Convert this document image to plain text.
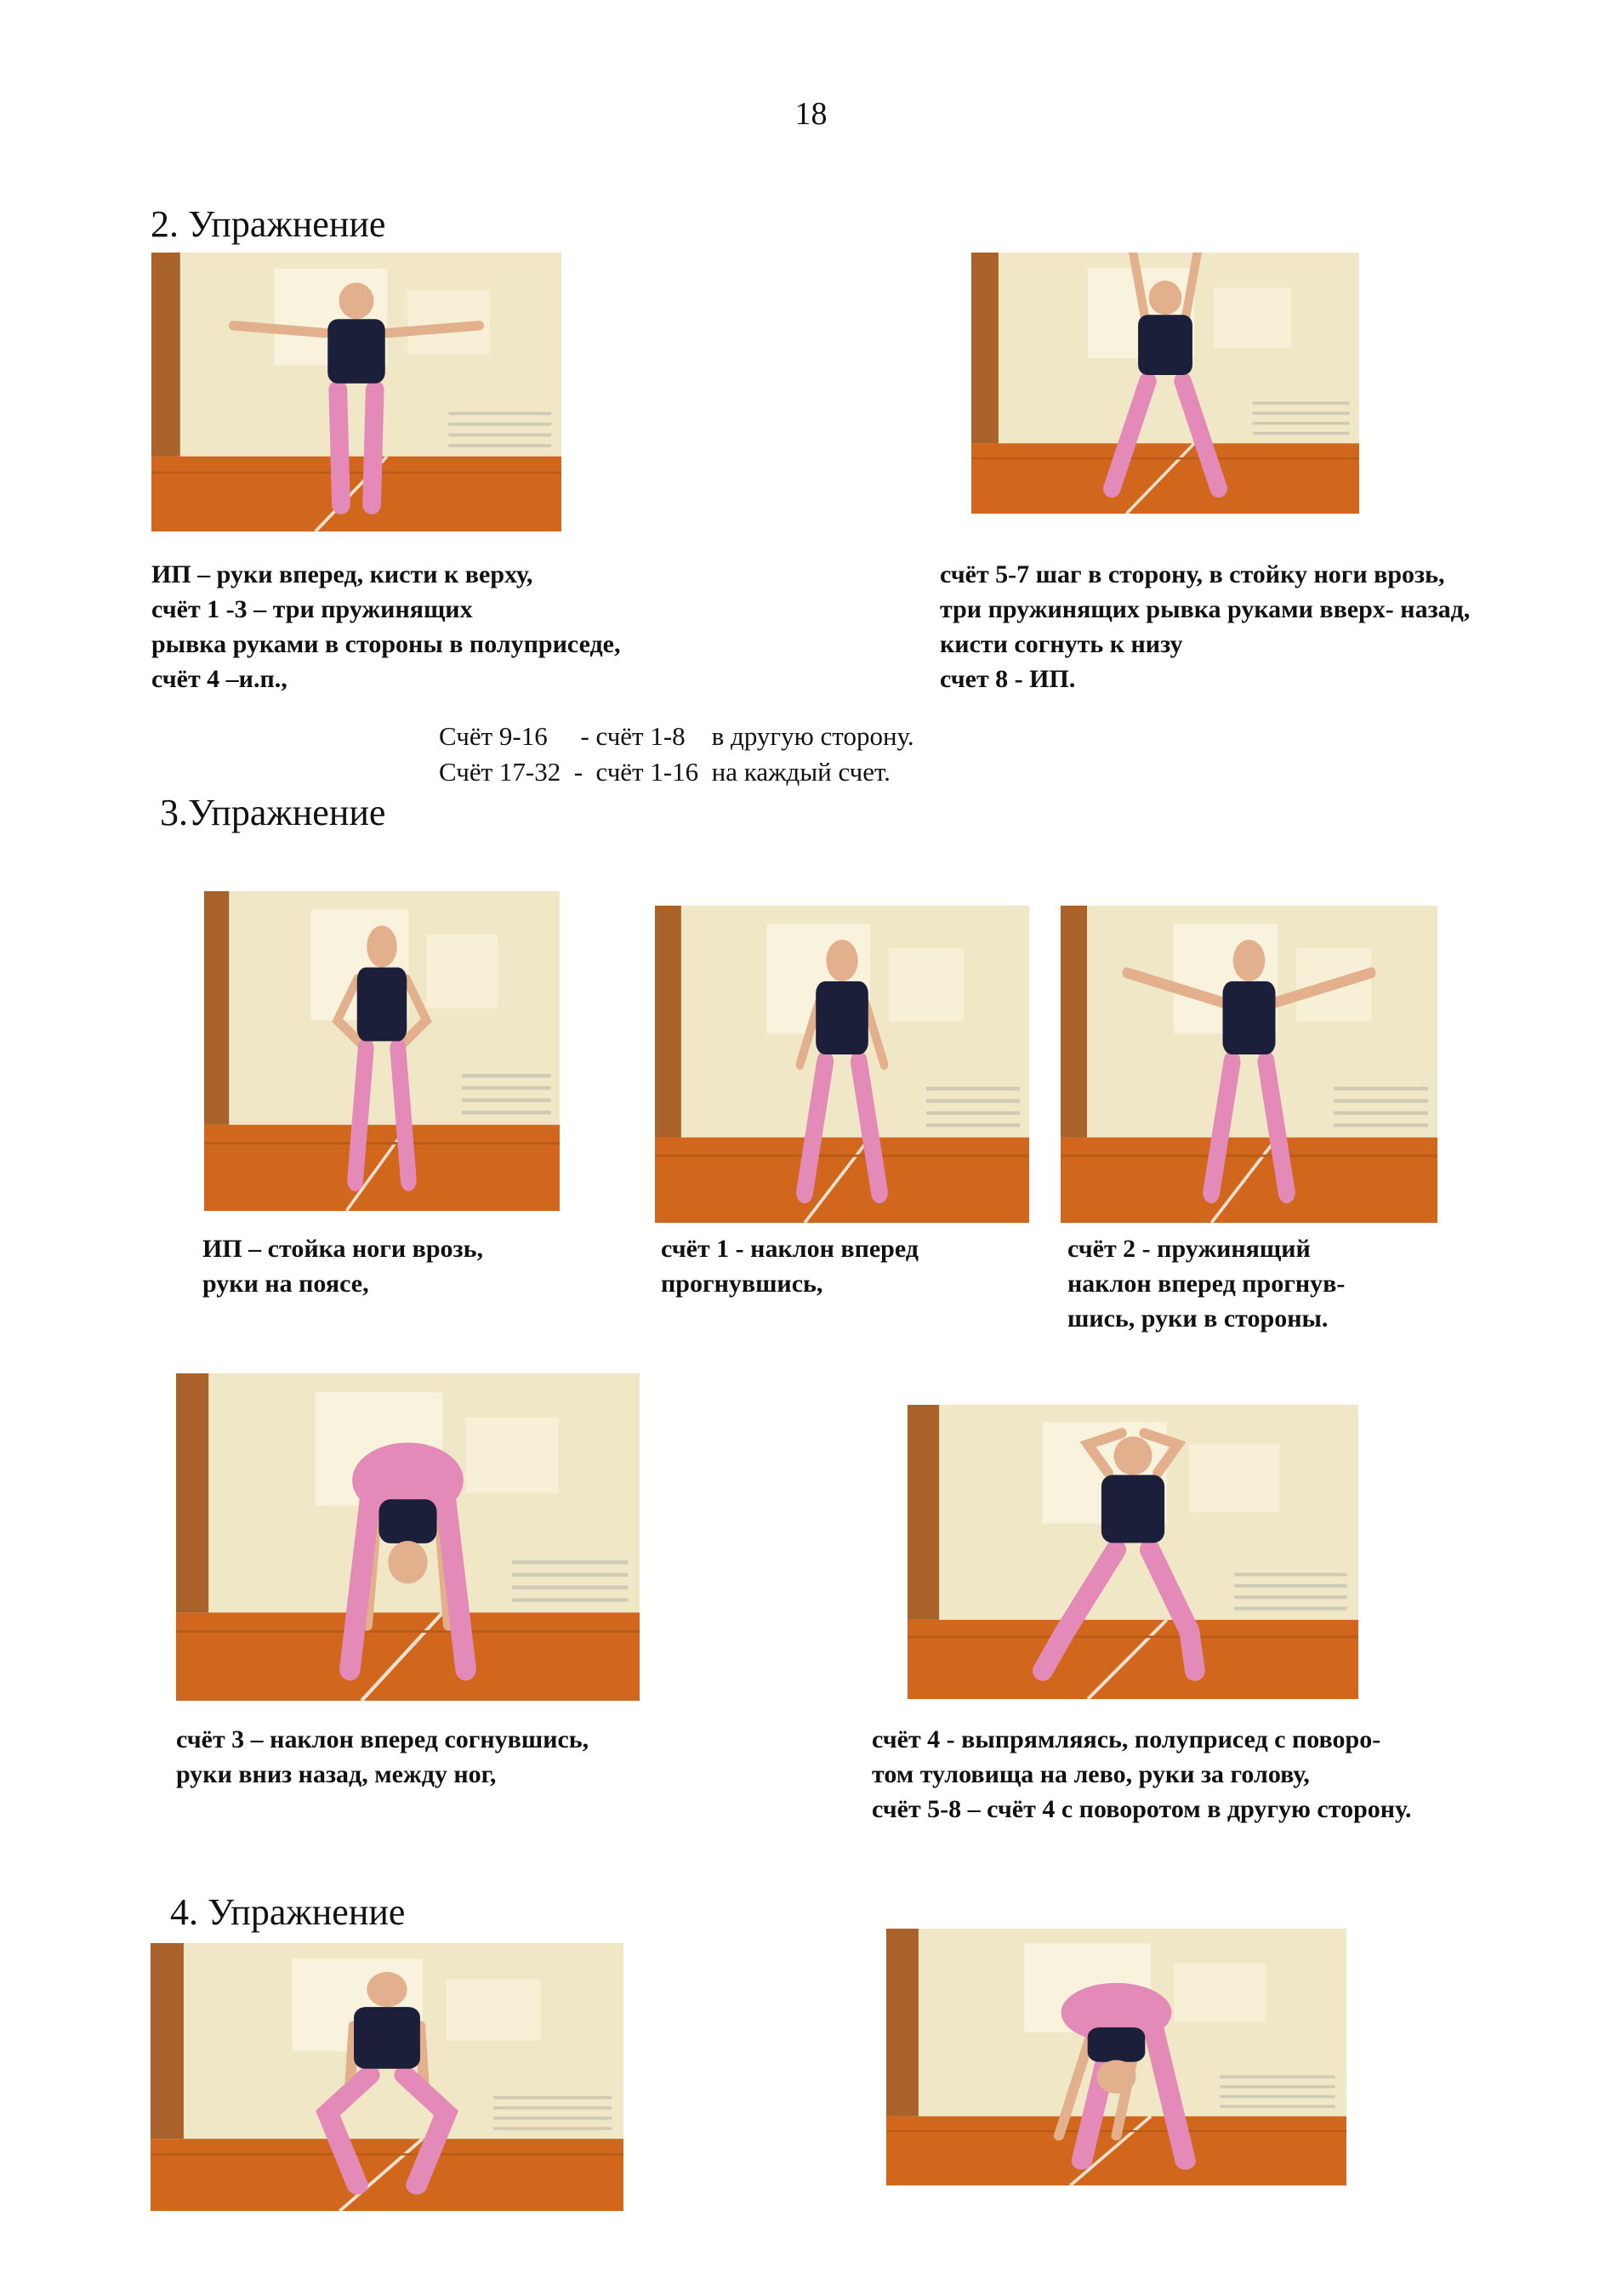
18
2. Упражнение
ИП – руки вперед, кисти к верху,
счёт 1 -3 – три пружинящих
рывка руками в стороны в полуприседе,
счёт 4 –и.п.,
счёт 5-7 шаг в сторону, в стойку ноги врозь,
три пружинящих рывка руками вверх- назад,
кисти согнуть к низу
счет 8 - ИП.
Счёт 9-16     - счёт 1-8    в другую сторону.
Счёт 17-32  -  счёт 1-16  на каждый счет.
3.Упражнение
ИП – стойка ноги врозь,
руки на поясе,
счёт 1 - наклон вперед
прогнувшись,
счёт 2 - пружинящий
наклон вперед прогнув-
шись, руки в стороны.
счёт 3 – наклон вперед согнувшись,
руки вниз назад, между ног,
счёт 4 - выпрямляясь, полуприсед с поворо-
том туловища на лево, руки за голову,
счёт 5-8 – счёт 4 с поворотом в другую сторону.
4. Упражнение
